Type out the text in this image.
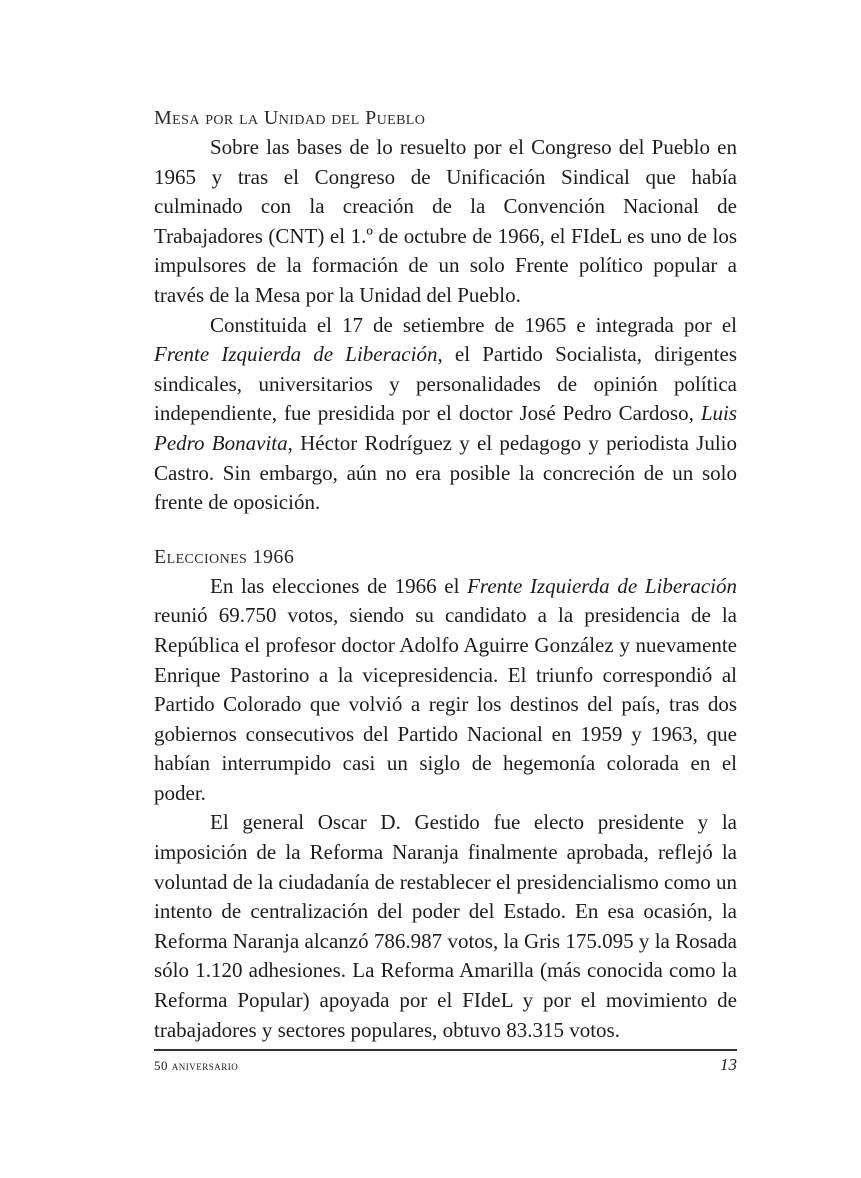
Mesa por la Unidad del Pueblo

Sobre las bases de lo resuelto por el Congreso del Pueblo en 1965 y tras el Congreso de Unificación Sindical que había culminado con la creación de la Convención Nacional de Trabajadores (CNT) el 1.º de octubre de 1966, el FIdeL es uno de los impulsores de la formación de un solo Frente político popular a través de la Mesa por la Unidad del Pueblo.

Constituida el 17 de setiembre de 1965 e integrada por el Frente Izquierda de Liberación, el Partido Socialista, dirigentes sindicales, universitarios y personalidades de opinión política independiente, fue presidida por el doctor José Pedro Cardoso, Luis Pedro Bonavita, Héctor Rodríguez y el pedagogo y periodista Julio Castro. Sin embargo, aún no era posible la concreción de un solo frente de oposición.

Elecciones 1966

En las elecciones de 1966 el Frente Izquierda de Liberación reunió 69.750 votos, siendo su candidato a la presidencia de la República el profesor doctor Adolfo Aguirre González y nuevamente Enrique Pastorino a la vicepresidencia. El triunfo correspondió al Partido Colorado que volvió a regir los destinos del país, tras dos gobiernos consecutivos del Partido Nacional en 1959 y 1963, que habían interrumpido casi un siglo de hegemonía colorada en el poder.

El general Oscar D. Gestido fue electo presidente y la imposición de la Reforma Naranja finalmente aprobada, reflejó la voluntad de la ciudadanía de restablecer el presidencialismo como un intento de centralización del poder del Estado. En esa ocasión, la Reforma Naranja alcanzó 786.987 votos, la Gris 175.095 y la Rosada sólo 1.120 adhesiones. La Reforma Amarilla (más conocida como la Reforma Popular) apoyada por el FIdeL y por el movimiento de trabajadores y sectores populares, obtuvo 83.315 votos.

50 aniversario	13
